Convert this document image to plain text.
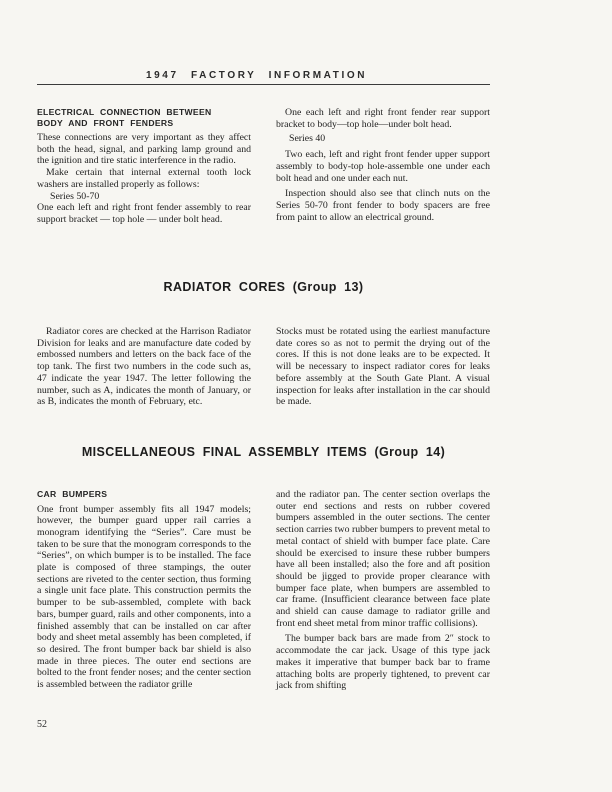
1947 FACTORY INFORMATION
ELECTRICAL CONNECTION BETWEEN
BODY AND FRONT FENDERS

These connections are very important as they affect both the head, signal, and parking lamp ground and the ignition and tire static interference in the radio.

Make certain that internal external tooth lock washers are installed properly as follows:

Series 50-70

One each left and right front fender assembly to rear support bracket — top hole — under bolt head.

One each left and right front fender rear support bracket to body—top hole—under bolt head.

Series 40

Two each, left and right front fender upper support assembly to body-top hole-assemble one under each bolt head and one under each nut.

Inspection should also see that clinch nuts on the Series 50-70 front fender to body spacers are free from paint to allow an electrical ground.

RADIATOR CORES (Group 13)

Radiator cores are checked at the Harrison Radiator Division for leaks and are manufacture date coded by embossed numbers and letters on the back face of the top tank. The first two numbers in the code such as, 47 indicate the year 1947. The letter following the number, such as A, indicates the month of January, or as B, indicates the month of February, etc.

Stocks must be rotated using the earliest manufacture date cores so as not to permit the drying out of the cores. If this is not done leaks are to be expected. It will be necessary to inspect radiator cores for leaks before assembly at the South Gate Plant. A visual inspection for leaks after installation in the car should be made.

MISCELLANEOUS FINAL ASSEMBLY ITEMS (Group 14)
CAR BUMPERS

One front bumper assembly fits all 1947 models; however, the bumper guard upper rail carries a monogram identifying the “Series”. Care must be taken to be sure that the monogram corresponds to the “Series”, on which bumper is to be installed. The face plate is composed of three stampings, the outer sections are riveted to the center section, thus forming a single unit face plate. This construction permits the bumper to be sub-assembled, complete with back bars, bumper guard, rails and other components, into a finished assembly that can be installed on car after body and sheet metal assembly has been completed, if so desired. The front bumper back bar shield is also made in three pieces. The outer end sections are bolted to the front fender noses; and the center section is assembled between the radiator grille

and the radiator pan. The center section overlaps the outer end sections and rests on rubber covered bumpers assembled in the outer sections. The center section carries two rubber bumpers to prevent metal to metal contact of shield with bumper face plate. Care should be exercised to insure these rubber bumpers have all been installed; also the fore and aft position should be jigged to provide proper clearance with bumper face plate, when bumpers are assembled to car frame. (Insufficient clearance between face plate and shield can cause damage to radiator grille and front end sheet metal from minor traffic collisions).

The bumper back bars are made from 2″ stock to accommodate the car jack. Usage of this type jack makes it imperative that bumper back bar to frame attaching bolts are properly tightened, to prevent car jack from shifting

52
